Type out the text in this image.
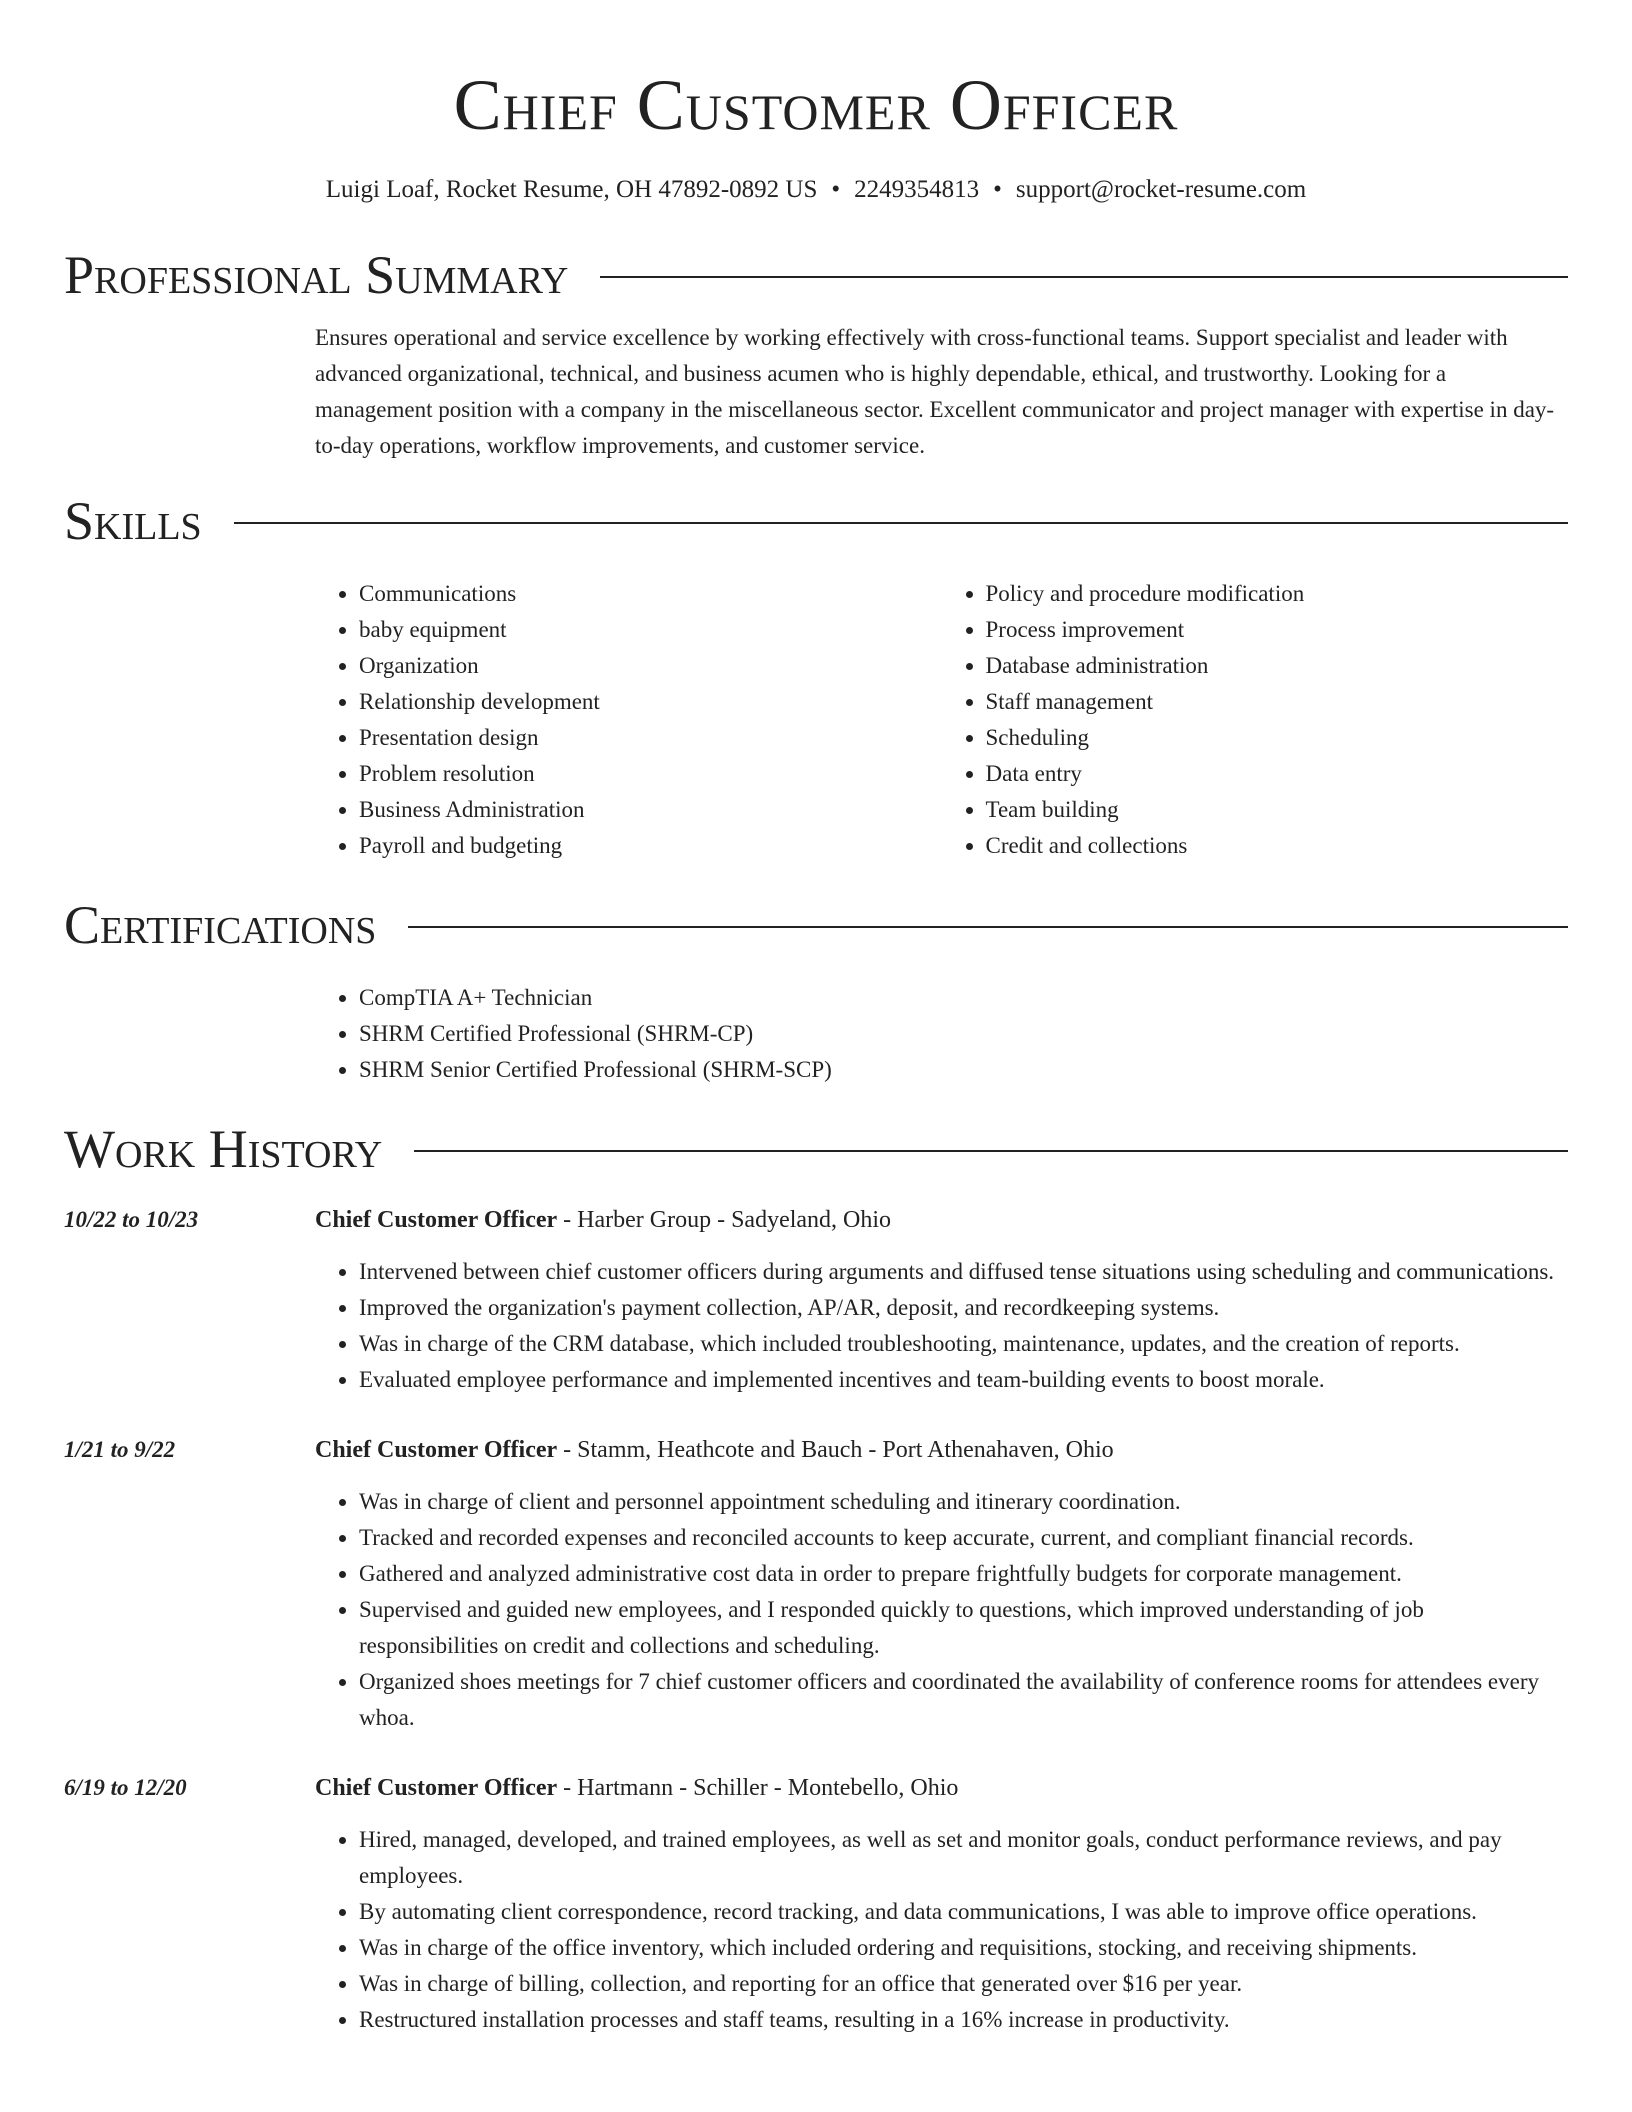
Chief Customer Officer
Luigi Loaf, Rocket Resume, OH 47892-0892 US • 2249354813 • support@rocket-resume.com
Professional Summary

Ensures operational and service excellence by working effectively with cross-functional teams. Support specialist and leader with advanced organizational, technical, and business acumen who is highly dependable, ethical, and trustworthy. Looking for a management position with a company in the miscellaneous sector. Excellent communicator and project manager with expertise in day-to-day operations, workflow improvements, and customer service.

Skills
• Communications
• baby equipment
• Organization
• Relationship development
• Presentation design
• Problem resolution
• Business Administration
• Payroll and budgeting
• Policy and procedure modification
• Process improvement
• Database administration
• Staff management
• Scheduling
• Data entry
• Team building
• Credit and collections
Certifications
• CompTIA A+ Technician
• SHRM Certified Professional (SHRM-CP)
• SHRM Senior Certified Professional (SHRM-SCP)
Work History
10/22 to 10/23	Chief Customer Officer - Harber Group - Sadyeland, Ohio
• Intervened between chief customer officers during arguments and diffused tense situations using scheduling and communications.
• Improved the organization's payment collection, AP/AR, deposit, and recordkeeping systems.
• Was in charge of the CRM database, which included troubleshooting, maintenance, updates, and the creation of reports.
• Evaluated employee performance and implemented incentives and team-building events to boost morale.
1/21 to 9/22	Chief Customer Officer - Stamm, Heathcote and Bauch - Port Athenahaven, Ohio
• Was in charge of client and personnel appointment scheduling and itinerary coordination.
• Tracked and recorded expenses and reconciled accounts to keep accurate, current, and compliant financial records.
• Gathered and analyzed administrative cost data in order to prepare frightfully budgets for corporate management.
• Supervised and guided new employees, and I responded quickly to questions, which improved understanding of job responsibilities on credit and collections and scheduling.
• Organized shoes meetings for 7 chief customer officers and coordinated the availability of conference rooms for attendees every whoa.
6/19 to 12/20	Chief Customer Officer - Hartmann - Schiller - Montebello, Ohio
• Hired, managed, developed, and trained employees, as well as set and monitor goals, conduct performance reviews, and pay employees.
• By automating client correspondence, record tracking, and data communications, I was able to improve office operations.
• Was in charge of the office inventory, which included ordering and requisitions, stocking, and receiving shipments.
• Was in charge of billing, collection, and reporting for an office that generated over $16 per year.
• Restructured installation processes and staff teams, resulting in a 16% increase in productivity.
